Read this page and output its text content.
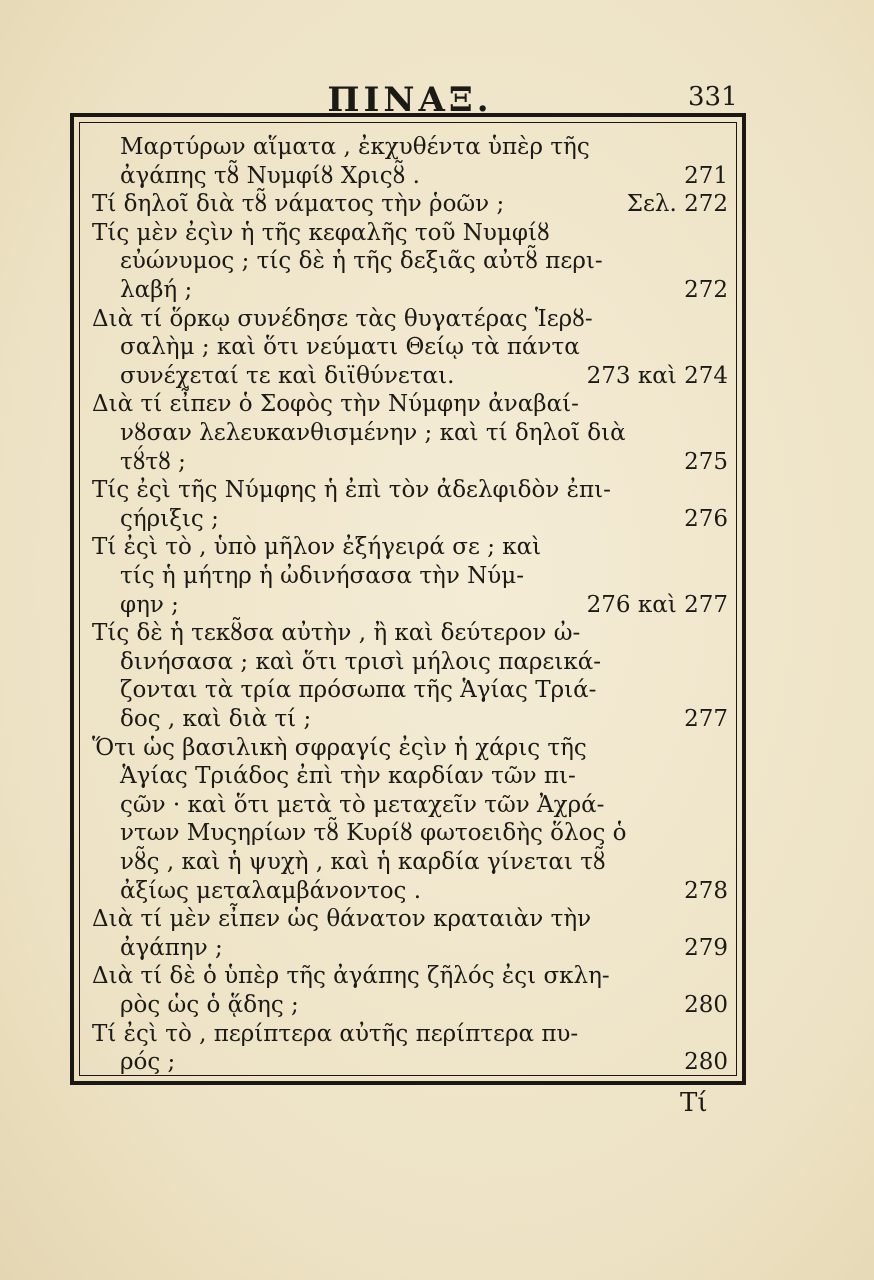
ΠΙΝΑΞ.	331
Μαρτύρων αἵματα , ἐκχυθέντα ὑπὲρ τῆς
ἀγάπης τȣ̃ Νυμφίȣ Χριςȣ̃ .	271
Τί δηλοῖ διὰ τȣ̃ νάματος τὴν ῥοῶν ;	Σελ. 272
Τίς μὲν ἐςὶν ἡ τῆς κεφαλῆς τοῦ Νυμφίȣ
εὐώνυμος ; τίς δὲ ἡ τῆς δεξιᾶς αὐτȣ̃ περι-
λαβή ;	272
Διὰ τί ὅρκῳ συνέδησε τὰς θυγατέρας Ἱερȣ-
σαλὴμ ; καὶ ὅτι νεύματι Θείῳ τὰ πάντα
συνέχεταί τε καὶ διϊθύνεται.	273 καὶ 274
Διὰ τί εἶπεν ὁ Σοφὸς τὴν Νύμφην ἀναβαί-
νȣσαν λελευκανθισμένην ; καὶ τί δηλοῖ διὰ
τȣ́τȣ ;	275
Τίς ἐςὶ τῆς Νύμφης ἡ ἐπὶ τὸν ἀδελφιδὸν ἐπι-
ςήριξις ;	276
Τί ἐςὶ τὸ , ὑπὸ μῆλον ἐξήγειρά σε ; καὶ
τίς ἡ μήτηρ ἡ ὠδινήσασα τὴν Νύμ-
φην ;	276 καὶ 277
Τίς δὲ ἡ τεκȣ̃σα αὐτὴν , ἢ καὶ δεύτερον ὠ-
δινήσασα ; καὶ ὅτι τρισὶ μήλοις παρεικά-
ζονται τὰ τρία πρόσωπα τῆς Ἁγίας Τριά-
δος , καὶ διὰ τί ;	277
Ὅτι ὡς βασιλικὴ σφραγίς ἐςὶν ἡ χάρις τῆς
Ἁγίας Τριάδος ἐπὶ τὴν καρδίαν τῶν πι-
ςῶν · καὶ ὅτι μετὰ τὸ μεταχεῖν τῶν Ἀχρά-
ντων Μυςηρίων τȣ̃ Κυρίȣ φωτοειδὴς ὅλος ὁ
νȣ̃ς , καὶ ἡ ψυχὴ , καὶ ἡ καρδία γίνεται τȣ̃
ἀξίως μεταλαμβάνοντος .	278
Διὰ τί μὲν εἶπεν ὡς θάνατον κραταιὰν τὴν
ἀγάπην ;	279
Διὰ τί δὲ ὁ ὑπὲρ τῆς ἀγάπης ζῆλός ἐςι σκλη-
ρὸς ὡς ὁ ᾅδης ;	280
Τί ἐςὶ τὸ , περίπτερα αὐτῆς περίπτερα πυ-
ρός ;	280
Τί
